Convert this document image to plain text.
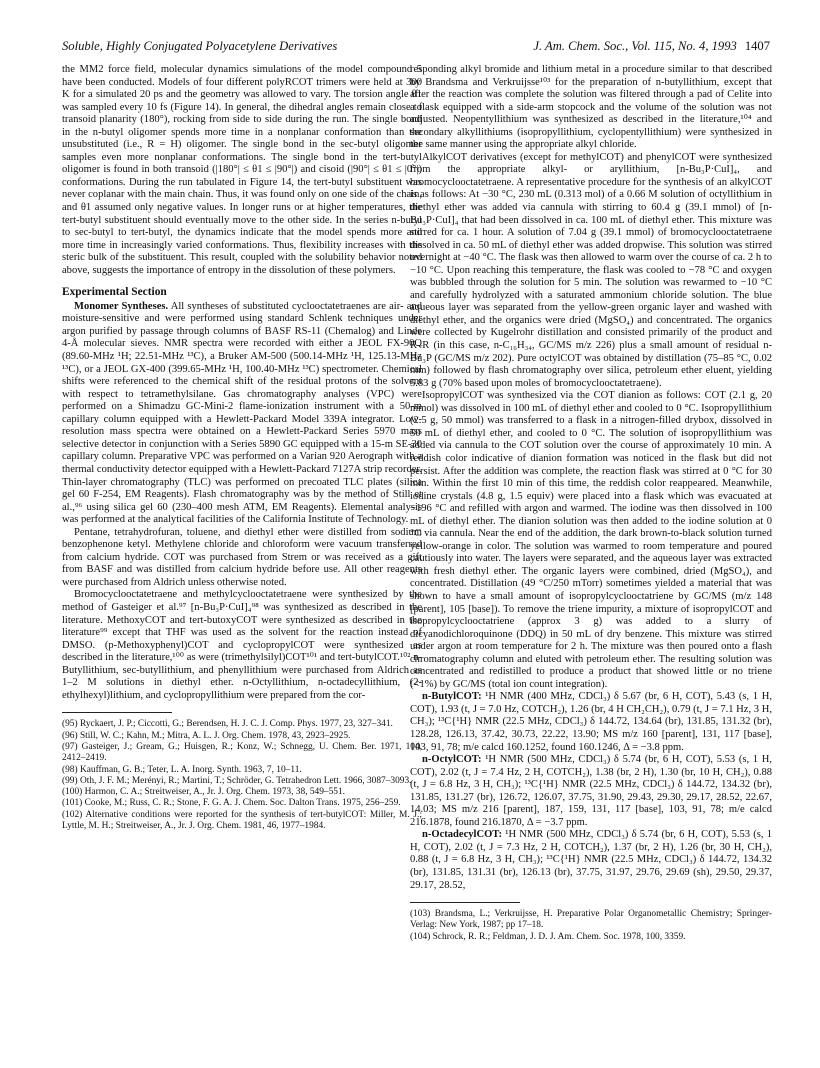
Soluble, Highly Conjugated Polyacetylene Derivatives	J. Am. Chem. Soc., Vol. 115, No. 4, 1993 1407

the MM2 force field, molecular dynamics simulations of the model compound 5 have been conducted. Models of four different polyRCOT trimers were held at 300 K for a simulated 20 ps and the geometry was allowed to vary. The torsion angle θ1 was sampled every 10 fs (Figure 14). In general, the dihedral angles remain close to transoid planarity (180°), rocking from side to side during the run. The single bond in the n-butyl oligomer spends more time in a nonplanar conformation than the unsubstituted (i.e., R = H) oligomer. The single bond in the sec-butyl oligomer samples even more nonplanar conformations. The single bond in the tert-butyl oligomer is found in both transoid (|180°| ≤ θ1 ≤ |90°|) and cisoid (|90°| ≤ θ1 ≤ |0°|) conformations. During the run tabulated in Figure 14, the tert-butyl substituent was never coplanar with the main chain. Thus, it was found only on one side of the chain, and θ1 assumed only negative values. In longer runs or at higher temperatures, the tert-butyl substituent should eventually move to the other side. In the series n-butyl to sec-butyl to tert-butyl, the dynamics indicate that the model spends more and more time in increasingly varied conformations. Thus, flexibility increases with the steric bulk of the substituent. This result, coupled with the solubility behavior noted above, suggests the importance of entropy in the dissolution of these polymers.

Experimental Section

Monomer Syntheses. All syntheses of substituted cyclooctatetraenes are air- and moisture-sensitive and were performed using standard Schlenk techniques under argon purified by passage through columns of BASF RS-11 (Chemalog) and Linde 4-Å molecular sieves. NMR spectra were recorded with either a JEOL FX-90Q (89.60-MHz ¹H; 22.51-MHz ¹³C), a Bruker AM-500 (500.14-MHz ¹H, 125.13-MHz ¹³C), or a JEOL GX-400 (399.65-MHz ¹H, 100.40-MHz ¹³C) spectrometer. Chemical shifts were referenced to the chemical shift of the residual protons of the solvent with respect to tetramethylsilane. Gas chromatography analyses (VPC) were performed on a Shimadzu GC-Mini-2 flame-ionization instrument with a 50-m capillary column equipped with a Hewlett-Packard Model 339A integrator. Low-resolution mass spectra were obtained on a Hewlett-Packard Series 5970 mass selective detector in conjunction with a Series 5890 GC equipped with a 15-m SE-30 capillary column. Preparative VPC was performed on a Varian 920 Aerograph with a thermal conductivity detector equipped with a Hewlett-Packard 7127A strip recorder. Thin-layer chromatography (TLC) was performed on precoated TLC plates (silica gel 60 F-254, EM Reagents). Flash chromatography was by the method of Still et al.,⁹⁶ using silica gel 60 (230–400 mesh ATM, EM Reagents). Elemental analysis was performed at the analytical facilities of the California Institute of Technology.

Pentane, tetrahydrofuran, toluene, and diethyl ether were distilled from sodium benzophenone ketyl. Methylene chloride and chloroform were vacuum transferred from calcium hydride. COT was purchased from Strem or was received as a gift from BASF and was distilled from calcium hydride before use. All other reagents were purchased from Aldrich unless otherwise noted.

Bromocyclooctatetraene and methylcyclooctatetraene were synthesized by the method of Gasteiger et al.⁹⁷ [n-Bu₃P·CuI]₄⁹⁸ was synthesized as described in the literature. MethoxyCOT and tert-butoxyCOT were synthesized as described in the literature⁹⁹ except that THF was used as the solvent for the reaction instead of DMSO. (p-Methoxyphenyl)COT and cyclopropylCOT were synthesized as described in the literature,¹⁰⁰ as were (trimethylsilyl)COT¹⁰¹ and tert-butylCOT.¹⁰² n-Butyllithium, sec-butyllithium, and phenyllithium were purchased from Aldrich as 1–2 M solutions in diethyl ether. n-Octyllithium, n-octadecyllithium, (2-ethylhexyl)lithium, and cyclopropyllithium were prepared from the cor-

(95) Ryckaert, J. P.; Ciccotti, G.; Berendsen, H. J. C. J. Comp. Phys. 1977, 23, 327–341.

(96) Still, W. C.; Kahn, M.; Mitra, A. L. J. Org. Chem. 1978, 43, 2923–2925.

(97) Gasteiger, J.; Gream, G.; Huisgen, R.; Konz, W.; Schnegg, U. Chem. Ber. 1971, 104, 2412–2419.

(98) Kauffman, G. B.; Teter, L. A. Inorg. Synth. 1963, 7, 10–11.

(99) Oth, J. F. M.; Merényi, R.; Martini, T.; Schröder, G. Tetrahedron Lett. 1966, 3087–3093.

(100) Harmon, C. A.; Streitweiser, A., Jr. J. Org. Chem. 1973, 38, 549–551.

(101) Cooke, M.; Russ, C. R.; Stone, F. G. A. J. Chem. Soc. Dalton Trans. 1975, 256–259.

(102) Alternative conditions were reported for the synthesis of tert-butylCOT: Miller, M. J.; Lyttle, M. H.; Streitweiser, A., Jr. J. Org. Chem. 1981, 46, 1977–1984.

responding alkyl bromide and lithium metal in a procedure similar to that described by Brandsma and Verkruijsse¹⁰³ for the preparation of n-butyllithium, except that after the reaction was complete the solution was filtered through a pad of Celite into a flask equipped with a side-arm stopcock and the volume of the solution was not adjusted. Neopentyllithium was synthesized as described in the literature,¹⁰⁴ and secondary alkyllithiums (isopropyllithium, cyclopentyllithium) were synthesized in the same manner using the appropriate alkyl chloride.

AlkylCOT derivatives (except for methylCOT) and phenylCOT were synthesized from the appropriate alkyl- or aryllithium, [n-Bu₃P·CuI]₄, and bromocyclooctatetraene. A representative procedure for the synthesis of an alkylCOT is as follows: At −30 °C, 230 mL (0.313 mol) of a 0.66 M solution of octyllithium in diethyl ether was added via cannula with stirring to 60.4 g (39.1 mmol) of [n-Bu₃P·CuI]₄ that had been dissolved in ca. 100 mL of diethyl ether. This mixture was stirred for ca. 1 hour. A solution of 7.04 g (39.1 mmol) of bromocyclooctatetraene dissolved in ca. 50 mL of diethyl ether was added dropwise. This solution was stirred overnight at −40 °C. The flask was then allowed to warm over the course of ca. 2 h to −10 °C. Upon reaching this temperature, the flask was cooled to −78 °C and oxygen was bubbled through the solution for 5 min. The solution was rewarmed to −10 °C and carefully hydrolyzed with a saturated ammonium chloride solution. The blue aqueous layer was separated from the yellow-green organic layer and washed with diethyl ether, and the organics were dried (MgSO₄) and concentrated. The organics were collected by Kugelrohr distillation and consisted primarily of the product and R–R (in this case, n-C₁₆H₃₄, GC/MS m/z 226) plus a small amount of residual n-Bu₃P (GC/MS m/z 202). Pure octylCOT was obtained by distillation (75–85 °C, 0.02 mm) followed by flash chromatography over silica, petroleum ether eluent, yielding 5.83 g (70% based upon moles of bromocyclooctatetraene).

IsopropylCOT was synthesized via the COT dianion as follows: COT (2.1 g, 20 mmol) was dissolved in 100 mL of diethyl ether and cooled to 0 °C. Isopropyllithium (2.5 g, 50 mmol) was transferred to a flask in a nitrogen-filled drybox, dissolved in 50 mL of diethyl ether, and cooled to 0 °C. The solution of isopropyllithium was added via cannula to the COT solution over the course of approximately 10 min. A reddish color indicative of dianion formation was noticed in the flask but did not persist. After the addition was complete, the reaction flask was stirred at 0 °C for 30 min. Within the first 10 min of this time, the reddish color reappeared. Meanwhile, iodine crystals (4.8 g, 1.5 equiv) were placed into a flask which was evacuated at −196 °C and refilled with argon and warmed. The iodine was then dissolved in 100 mL of diethyl ether. The dianion solution was then added to the iodine solution at 0 °C via cannula. Near the end of the addition, the dark brown-to-black solution turned yellow-orange in color. The solution was warmed to room temperature and poured cautiously into water. The layers were separated, and the aqueous layer was extracted with fresh diethyl ether. The organic layers were combined, dried (MgSO₄), and concentrated. Distillation (49 °C/250 mTorr) sometimes yielded a material that was shown to have a small amount of isopropylcyclooctatriene by GC/MS (m/z 148 [parent], 105 [base]). To remove the triene impurity, a mixture of isopropylCOT and isopropylcyclooctatriene (approx 3 g) was added to a slurry of dicyanodichloroquinone (DDQ) in 50 mL of dry benzene. This mixture was stirred under argon at room temperature for 2 h. The mixture was then poured onto a flash chromatography column and eluted with petroleum ether. The resulting solution was concentrated and redistilled to produce a product that showed little or no triene (<1%) by GC/MS (total ion count integration).

n-ButylCOT: ¹H NMR (400 MHz, CDCl₃) δ 5.67 (br, 6 H, COT), 5.43 (s, 1 H, COT), 1.93 (t, J = 7.0 Hz, COTCH₂), 1.26 (br, 4 H CH₂CH₂), 0.79 (t, J = 7.1 Hz, 3 H, CH₃); ¹³C{¹H} NMR (22.5 MHz, CDCl₃) δ 144.72, 134.64 (br), 131.85, 131.32 (br), 128.28, 126.13, 37.42, 30.73, 22.22, 13.90; MS m/z 160 [parent], 131, 117 [base], 103, 91, 78; m/e calcd 160.1252, found 160.1246, Δ = −3.8 ppm.

n-OctylCOT: ¹H NMR (500 MHz, CDCl₃) δ 5.74 (br, 6 H, COT), 5.53 (s, 1 H, COT), 2.02 (t, J = 7.4 Hz, 2 H, COTCH₂), 1.38 (br, 2 H), 1.30 (br, 10 H, CH₂), 0.88 (t, J = 6.8 Hz, 3 H, CH₃); ¹³C{¹H} NMR (22.5 MHz, CDCl₃) δ 144.72, 134.32 (br), 131.85, 131.27 (br), 126.72, 126.07, 37.75, 31.90, 29.43, 29.30, 29.17, 28.52, 22.67, 14.03; MS m/z 216 [parent], 187, 159, 131, 117 [base], 103, 91, 78; m/e calcd 216.1878, found 216.1870, Δ = −3.7 ppm.

n-OctadecylCOT: ¹H NMR (500 MHz, CDCl₃) δ 5.74 (br, 6 H, COT), 5.53 (s, 1 H, COT), 2.02 (t, J = 7.3 Hz, 2 H, COTCH₂), 1.37 (br, 2 H), 1.26 (br, 30 H, CH₂), 0.88 (t, J = 6.8 Hz, 3 H, CH₃); ¹³C{¹H} NMR (22.5 MHz, CDCl₃) δ 144.72, 134.32 (br), 131.85, 131.31 (br), 126.13 (br), 37.75, 31.97, 29.76, 29.69 (sh), 29.50, 29.37, 29.17, 28.52,

(103) Brandsma, L.; Verkruijsse, H. Preparative Polar Organometallic Chemistry; Springer-Verlag: New York, 1987; pp 17–18.

(104) Schrock, R. R.; Feldman, J. D. J. Am. Chem. Soc. 1978, 100, 3359.
